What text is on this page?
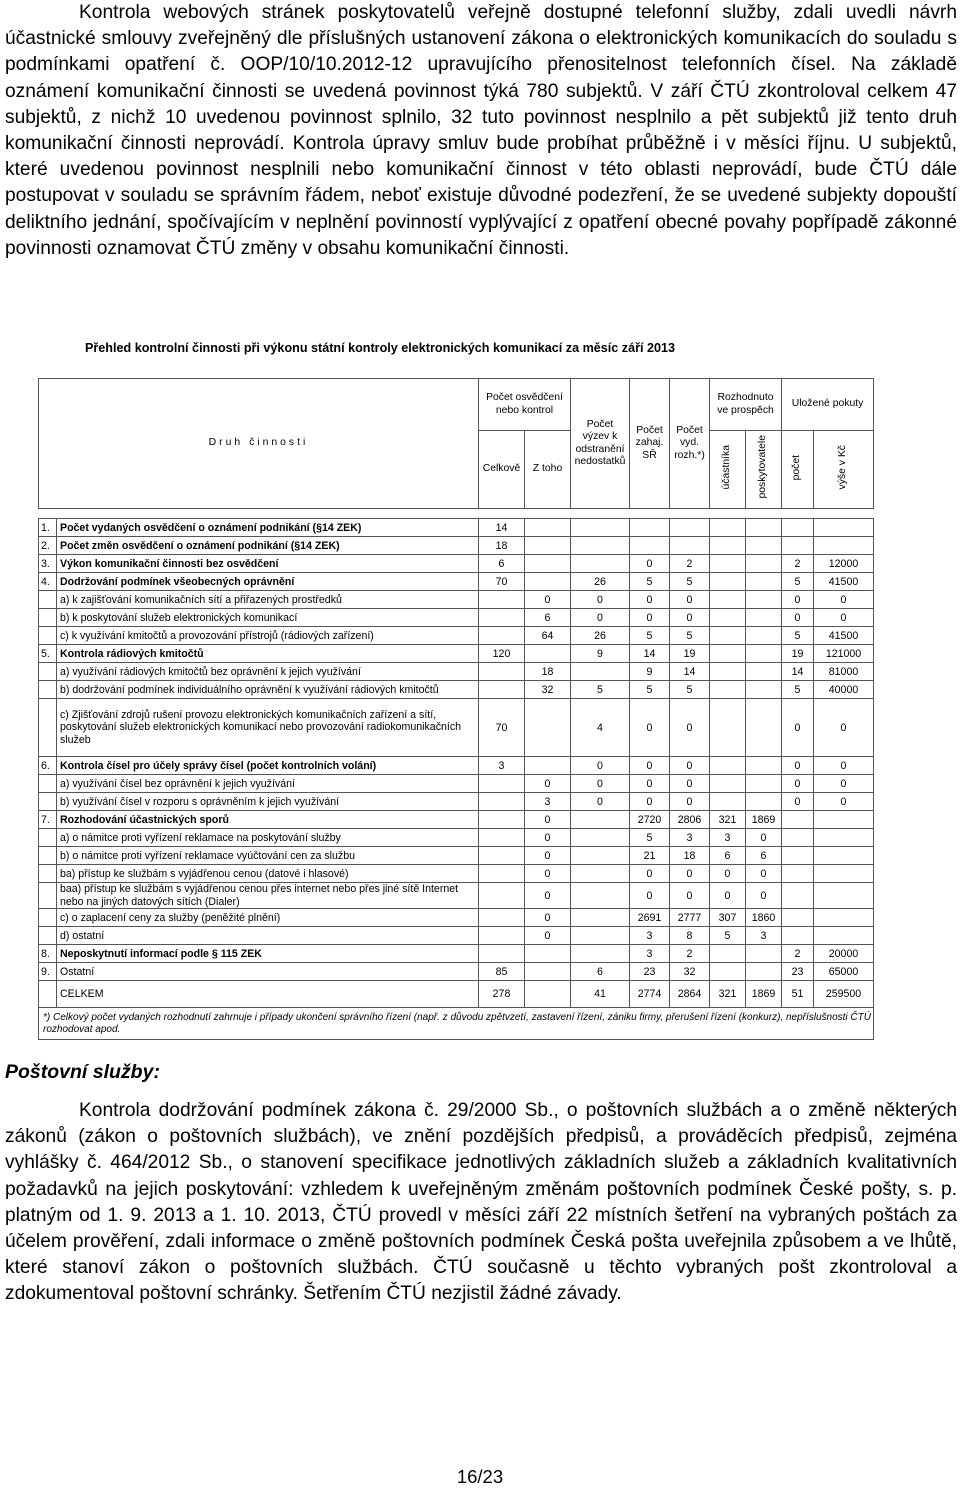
Kontrola webových stránek poskytovatelů veřejně dostupné telefonní služby, zdali uvedli návrh účastnické smlouvy zveřejněný dle příslušných ustanovení zákona o elektronických komunikacích do souladu s podmínkami opatření č. OOP/10/10.2012-12 upravujícího přenositelnost telefonních čísel. Na základě oznámení komunikační činnosti se uvedená povinnost týká 780 subjektů. V září ČTÚ zkontroloval celkem 47 subjektů, z nichž 10 uvedenou povinnost splnilo, 32 tuto povinnost nesplnilo a pět subjektů již tento druh komunikační činnosti neprovádí. Kontrola úpravy smluv bude probíhat průběžně i v měsíci říjnu. U subjektů, které uvedenou povinnost nesplnili nebo komunikační činnost v této oblasti neprovádí, bude ČTÚ dále postupovat v souladu se správním řádem, neboť existuje důvodné podezření, že se uvedené subjekty dopouští deliktního jednání, spočívajícím v neplnění povinností vyplývající z opatření obecné povahy popřípadě zákonné povinnosti oznamovat ČTÚ změny v obsahu komunikační činnosti.

Přehled kontrolní činnosti při výkonu státní kontroly elektronických komunikací za měsíc září 2013
Druh činnosti		Počet osvědčení nebo kontrol		Počet výzev k odstranění nedostatků	Počet zahaj. SŘ	Počet vyd. rozh.*)	Rozhodnuto ve prospěch		Uložené pokuty	
		Celkově	Z toho				účastníka	poskytovatele	počet	výše v Kč

1.	Počet vydaných osvědčení o oznámení podnikání (§14 ZEK)	14								
2.	Počet změn osvědčení o oznámení podnikání (§14 ZEK)	18								
3.	Výkon komunikační činnosti bez osvědčení	6			0	2			2	12000
4.	Dodržování podmínek všeobecných oprávnění	70		26	5	5			5	41500
	a) k zajišťování komunikačních sítí a přiřazených prostředků		0	0	0	0			0	0
	b) k poskytování služeb elektronických komunikací		6	0	0	0			0	0
	c) k využívání kmitočtů a provozování přístrojů (rádiových zařízení)		64	26	5	5			5	41500
5.	Kontrola rádiových kmitočtů	120		9	14	19			19	121000
	a) využívání rádiových kmitočtů bez oprávnění k jejich využívání		18		9	14			14	81000
	b) dodržování podmínek individuálního oprávnění k využívání rádiových kmitočtů		32	5	5	5			5	40000
	c) Zjišťování zdrojů rušení provozu elektronických komunikačních zařízení a sítí, poskytování služeb elektronických komunikací nebo provozování radiokomunikačních služeb	70		4	0	0			0	0
6.	Kontrola čísel pro účely správy čísel (počet kontrolních volání)	3		0	0	0			0	0
	a) využívání čísel bez oprávnění k jejich využívání		0	0	0	0			0	0
	b) využívání čísel v rozporu s oprávněním k jejich využívání		3	0	0	0			0	0
7.	Rozhodování účastnických sporů		0		2720	2806	321	1869		
	a) o námitce proti vyřízení reklamace na poskytování služby		0		5	3	3	0		
	b) o námitce proti vyřízení reklamace vyúčtování cen za službu		0		21	18	6	6		
	ba) přístup ke službám s vyjádřenou cenou (datové i hlasové)		0		0	0	0	0		
	baa) přístup ke službám s vyjádřenou cenou přes internet nebo přes jiné sítě Internet nebo na jiných datových sítích (Dialer)		0		0	0	0	0		
	c) o zaplacení ceny za služby (peněžité plnění)		0		2691	2777	307	1860		
	d) ostatní		0		3	8	5	3		
8.	Neposkytnutí informací podle § 115 ZEK				3	2			2	20000
9.	Ostatní	85		6	23	32			23	65000
	CELKEM	278		41	2774	2864	321	1869	51	259500
*) Celkový počet vydaných rozhodnutí zahrnuje i případy ukončení správního řízení (např. z důvodu zpětvzetí, zastavení řízení, zániku firmy, přerušení řízení (konkurz), nepříslušnosti ČTÚ rozhodovat apod.										
Poštovní služby:

Kontrola dodržování podmínek zákona č. 29/2000 Sb., o poštovních službách a o změně některých zákonů (zákon o poštovních službách), ve znění pozdějších předpisů, a prováděcích předpisů, zejména vyhlášky č. 464/2012 Sb., o stanovení specifikace jednotlivých základních služeb a základních kvalitativních požadavků na jejich poskytování: vzhledem k uveřejněným změnám poštovních podmínek České pošty, s. p. platným od 1. 9. 2013 a 1. 10. 2013, ČTÚ provedl v měsíci září 22 místních šetření na vybraných poštách za účelem prověření, zdali informace o změně poštovních podmínek Česká pošta uveřejnila způsobem a ve lhůtě, které stanoví zákon o poštovních službách. ČTÚ současně u těchto vybraných pošt zkontroloval a zdokumentoval poštovní schránky. Šetřením ČTÚ nezjistil žádné závady.

16/23
